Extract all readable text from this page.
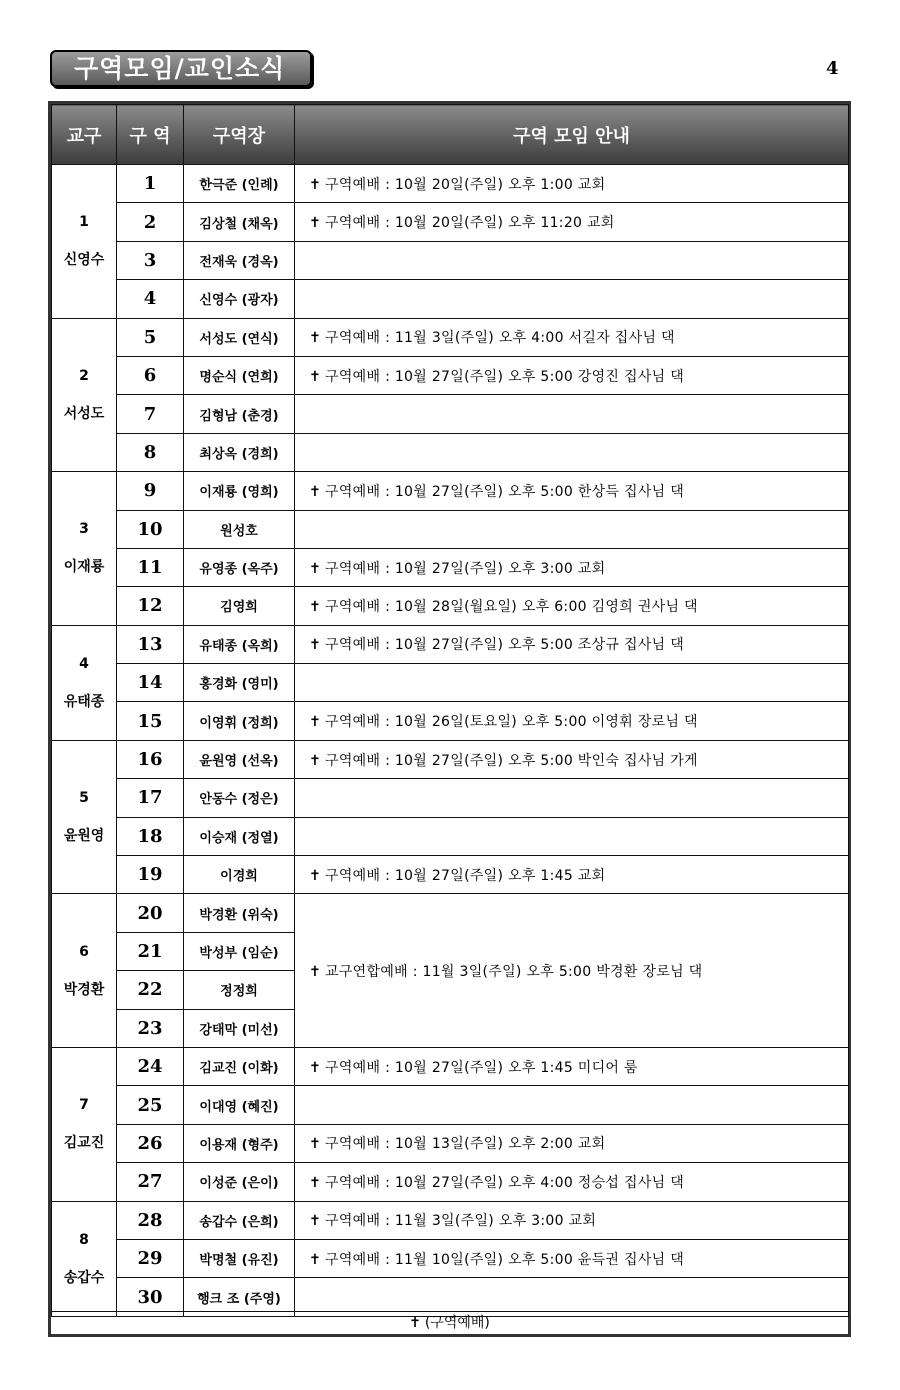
구역모임/교인소식	4
교구	구 역	구역장	구역 모임 안내

1
신영수	1	한극준 (인례)	✝ 구역예배 : 10월 20일(주일) 오후 1:00 교회
	2	김상철 (채옥)	✝ 구역예배 : 10월 20일(주일) 오후 11:20 교회
	3	전재욱 (경옥)	
	4	신영수 (광자)	

2
서성도	5	서성도 (연식)	✝ 구역예배 : 11월 3일(주일) 오후 4:00 서길자 집사님 댁
	6	명순식 (연희)	✝ 구역예배 : 10월 27일(주일) 오후 5:00 강영진 집사님 댁
	7	김형남 (춘경)	
	8	최상옥 (경희)	

3
이재룡	9	이재룡 (영희)	✝ 구역예배 : 10월 27일(주일) 오후 5:00 한상득 집사님 댁
	10	원성호	
	11	유영종 (옥주)	✝ 구역예배 : 10월 27일(주일) 오후 3:00 교회
	12	김영희	✝ 구역예배 : 10월 28일(월요일) 오후 6:00 김영희 권사님 댁

4
유태종	13	유태종 (옥희)	✝ 구역예배 : 10월 27일(주일) 오후 5:00 조상규 집사님 댁
	14	홍경화 (영미)	
	15	이영휘 (정희)	✝ 구역예배 : 10월 26일(토요일) 오후 5:00 이영휘 장로님 댁

5
윤원영	16	윤원영 (선옥)	✝ 구역예배 : 10월 27일(주일) 오후 5:00 박인숙 집사님 가게
	17	안동수 (정은)	
	18	이승재 (정열)	
	19	이경희	✝ 구역예배 : 10월 27일(주일) 오후 1:45 교회

6
박경환	20	박경환 (위숙)	✝ 교구연합예배 : 11월 3일(주일) 오후 5:00 박경환 장로님 댁
	21	박성부 (임순)	
	22	정정희	
	23	강태막 (미선)	

7
김교진	24	김교진 (이화)	✝ 구역예배 : 10월 27일(주일) 오후 1:45 미디어 룸
	25	이대영 (혜진)	
	26	이용재 (형주)	✝ 구역예배 : 10월 13일(주일) 오후 2:00 교회
	27	이성준 (은이)	✝ 구역예배 : 10월 27일(주일) 오후 4:00 정승섭 집사님 댁

8
송갑수	28	송갑수 (은희)	✝ 구역예배 : 11월 3일(주일) 오후 3:00 교회
	29	박명철 (유진)	✝ 구역예배 : 11월 10일(주일) 오후 5:00 윤득권 집사님 댁
	30	행크 조 (주영)	
✝ (구역예배)
